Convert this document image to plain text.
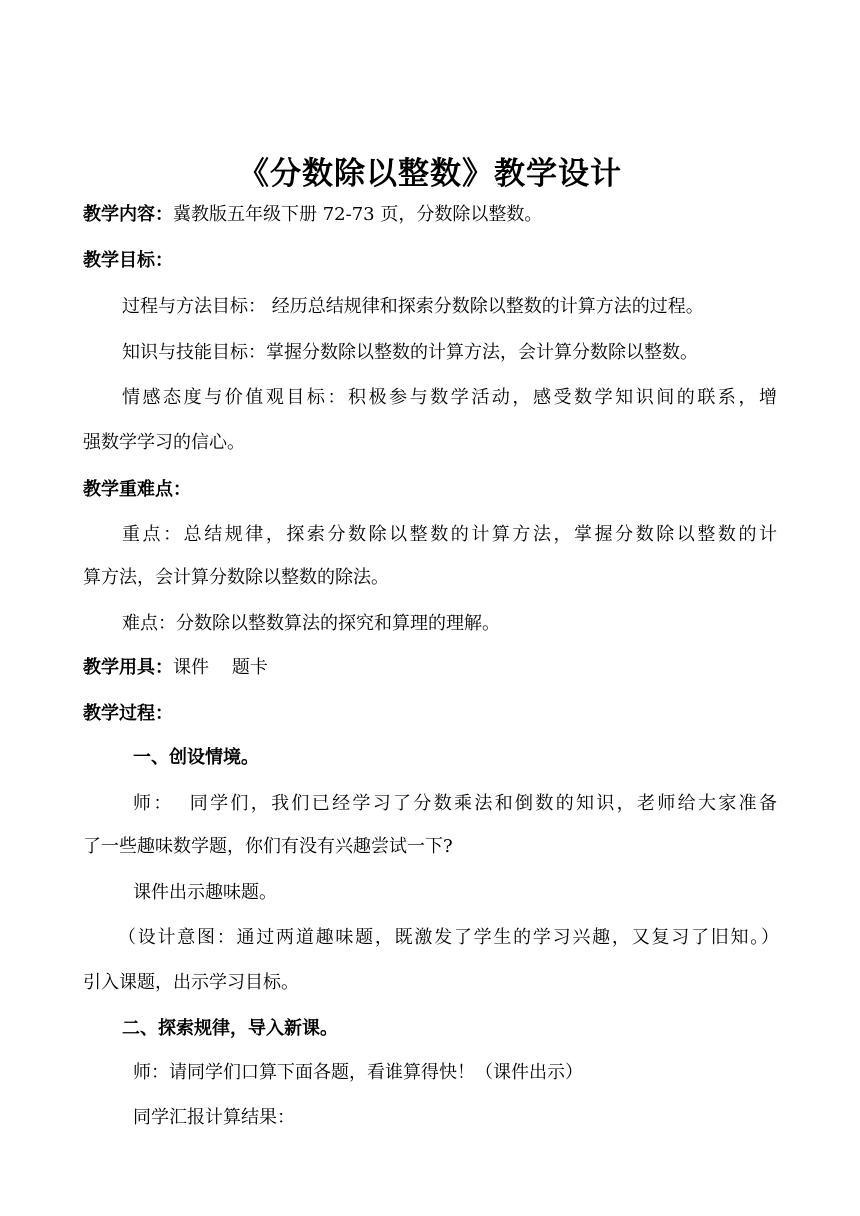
《分数除以整数》教学设计
教学内容：冀教版五年级下册 72-73 页，分数除以整数。
教学目标：
过程与方法目标： 经历总结规律和探索分数除以整数的计算方法的过程。
知识与技能目标：掌握分数除以整数的计算方法，会计算分数除以整数。
情感态度与价值观目标：积极参与数学活动，感受数学知识间的联系，增
强数学学习的信心。
教学重难点：
重点：总结规律，探索分数除以整数的计算方法，掌握分数除以整数的计
算方法，会计算分数除以整数的除法。
难点：分数除以整数算法的探究和算理的理解。
教学用具：课件    题卡
教学过程：
一、创设情境。
师：  同学们，我们已经学习了分数乘法和倒数的知识，老师给大家准备
了一些趣味数学题，你们有没有兴趣尝试一下?
课件出示趣味题。
（设计意图：通过两道趣味题，既激发了学生的学习兴趣，又复习了旧知。）
引入课题，出示学习目标。
二、探索规律，导入新课。
师：请同学们口算下面各题，看谁算得快！（课件出示）
同学汇报计算结果：
